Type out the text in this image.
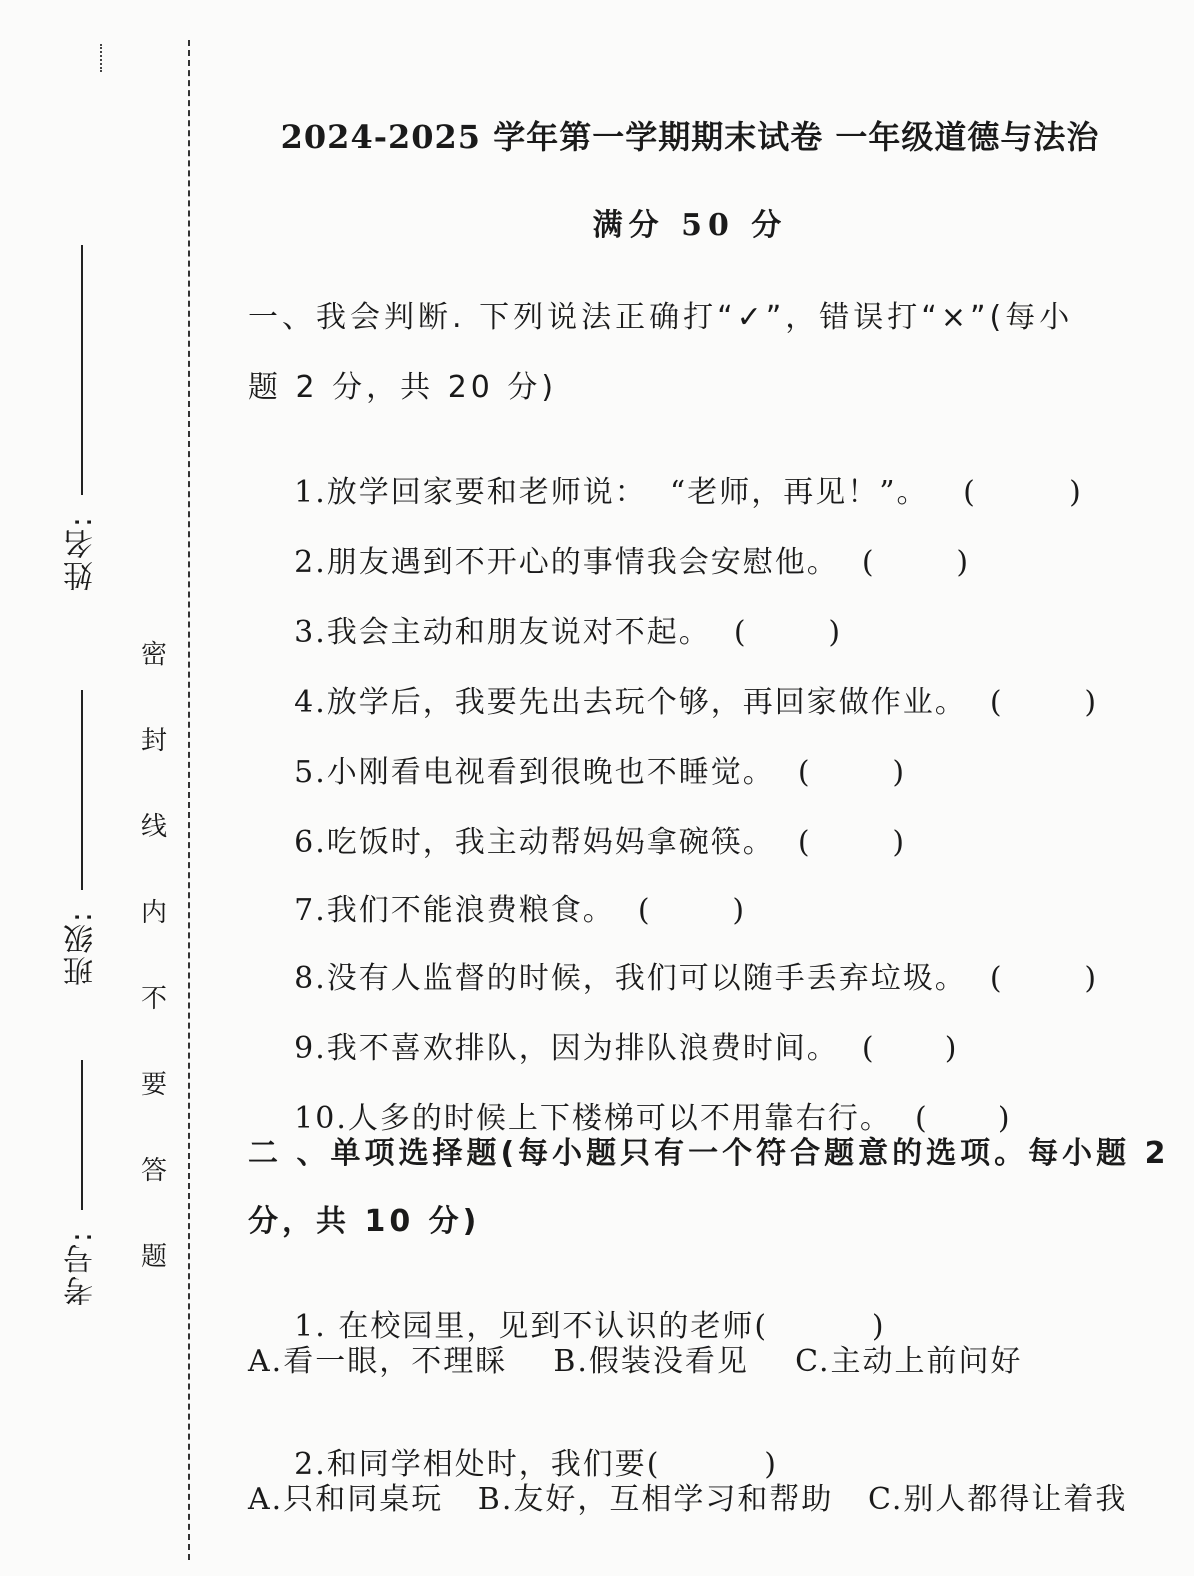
姓名:
班级:
考号:
密
封
线
内
不
要
答
题
2024-2025 学年第一学期期末试卷 一年级道德与法治
满分 50 分
一、我会判断. 下列说法正确打“✓”，错误打“×”(每小
题 2 分，共 20 分)

1.放学回家要和老师说：  “老师，再见！”。 (        )

2.朋友遇到不开心的事情我会安慰他。 (       )

3.我会主动和朋友说对不起。 (       )

4.放学后，我要先出去玩个够，再回家做作业。 (       )

5.小刚看电视看到很晚也不睡觉。 (       )

6.吃饭时，我主动帮妈妈拿碗筷。 (       )

7.我们不能浪费粮食。 (       )

8.没有人监督的时候，我们可以随手丢弃垃圾。 (       )

9.我不喜欢排队，因为排队浪费时间。 (      )

10.人多的时候上下楼梯可以不用靠右行。 (      )

二 、单项选择题(每小题只有一个符合题意的选项。每小题 2
分，共 10 分)

1. 在校园里，见到不认识的老师(         )

A.看一眼，不理睬    B.假装没看见    C.主动上前问好

2.和同学相处时，我们要(         )

A.只和同桌玩   B.友好，互相学习和帮助   C.别人都得让着我
